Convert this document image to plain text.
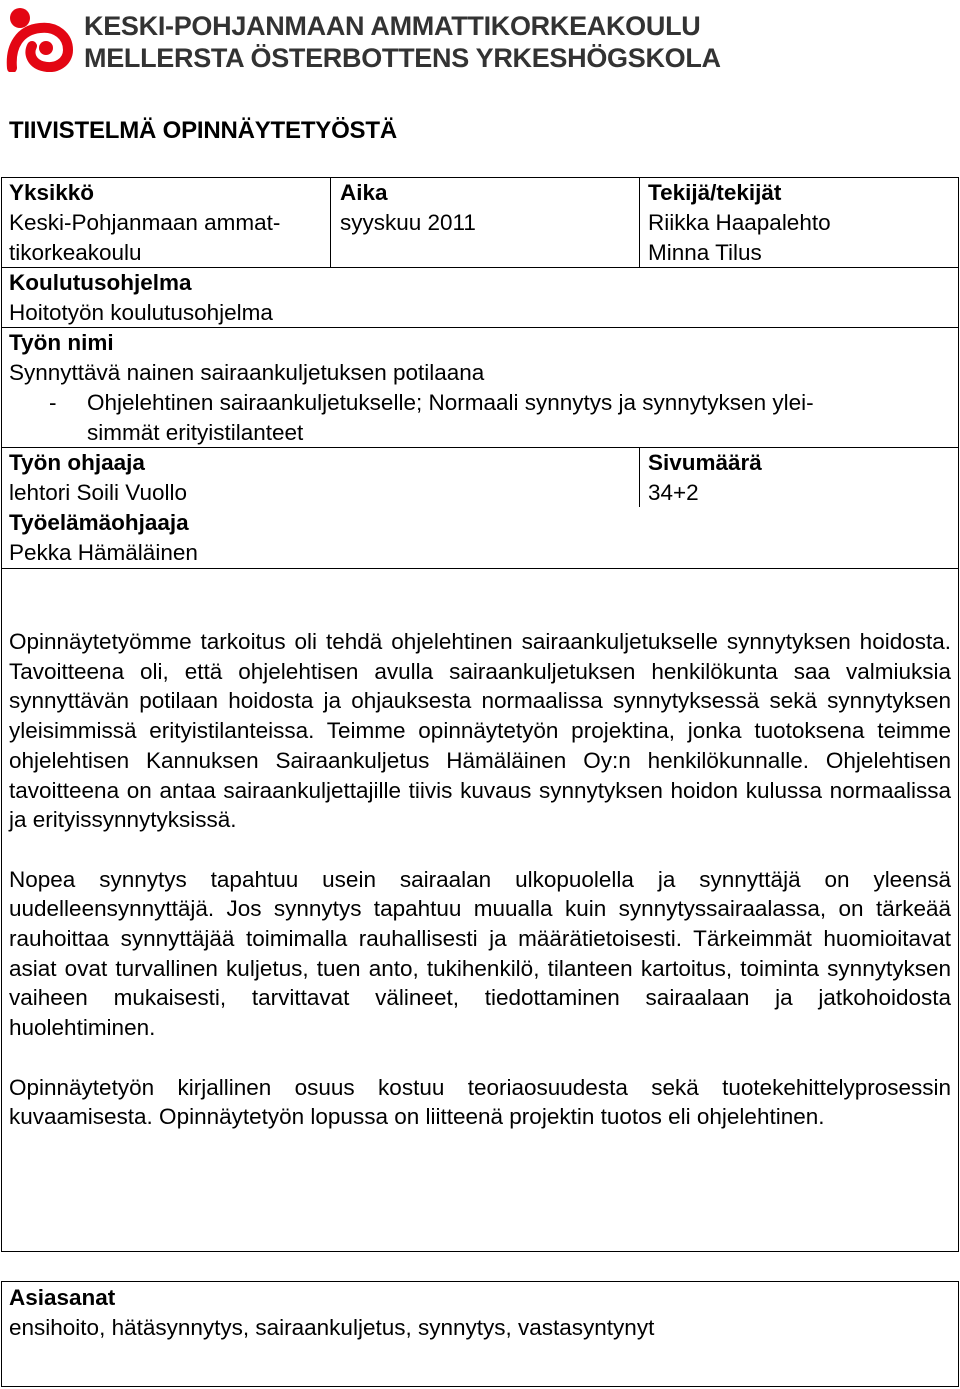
KESKI-POHJANMAAN AMMATTIKORKEAKOULU
MELLERSTA ÖSTERBOTTENS YRKESHÖGSKOLA
TIIVISTELMÄ OPINNÄYTETYÖSTÄ
Yksikkö
Keski-Pohjanmaan ammat-
tikorkeakoulu
Aika
syyskuu 2011
Tekijä/tekijät
Riikka Haapalehto
Minna Tilus
Koulutusohjelma
Hoitotyön koulutusohjelma
Työn nimi
Synnyttävä nainen sairaankuljetuksen potilaana
- Ohjelehtinen sairaankuljetukselle; Normaali synnytys ja synnytyksen ylei-
simmät erityistilanteet
Työn ohjaaja
lehtori Soili Vuollo
Työelämäohjaaja
Pekka Hämäläinen
Sivumäärä
34+2

Opinnäytetyömme tarkoitus oli tehdä ohjelehtinen sairaankuljetukselle synnytyksen hoidosta. Tavoitteena oli, että ohjelehtisen avulla sairaankuljetuksen henkilökunta saa valmiuksia synnyttävän potilaan hoidosta ja ohjauksesta normaalissa synnytyksessä sekä synnytyksen yleisimmissä erityistilanteissa. Teimme opinnäytetyön projektina, jonka tuotoksena teimme ohjelehtisen Kannuksen Sairaankuljetus Hämäläinen Oy:n henkilökunnalle. Ohjelehtisen tavoitteena on antaa sairaankuljettajille tiivis kuvaus synnytyksen hoidon kulussa normaalissa ja erityissynnytyksissä.

Nopea synnytys tapahtuu usein sairaalan ulkopuolella ja synnyttäjä on yleensä uudelleensynnyttäjä. Jos synnytys tapahtuu muualla kuin synnytyssairaalassa, on tärkeää rauhoittaa synnyttäjää toimimalla rauhallisesti ja määrätietoisesti. Tärkeimmät huomioitavat asiat ovat turvallinen kuljetus, tuen anto, tukihenkilö, tilanteen kartoitus, toiminta synnytyksen vaiheen mukaisesti, tarvittavat välineet, tiedottaminen sairaalaan ja jatkohoidosta huolehtiminen.

Opinnäytetyön kirjallinen osuus kostuu teoriaosuudesta sekä tuotekehittelyprosessin kuvaamisesta. Opinnäytetyön lopussa on liitteenä projektin tuotos eli ohjelehtinen.

Asiasanat
ensihoito, hätäsynnytys, sairaankuljetus, synnytys, vastasyntynyt
